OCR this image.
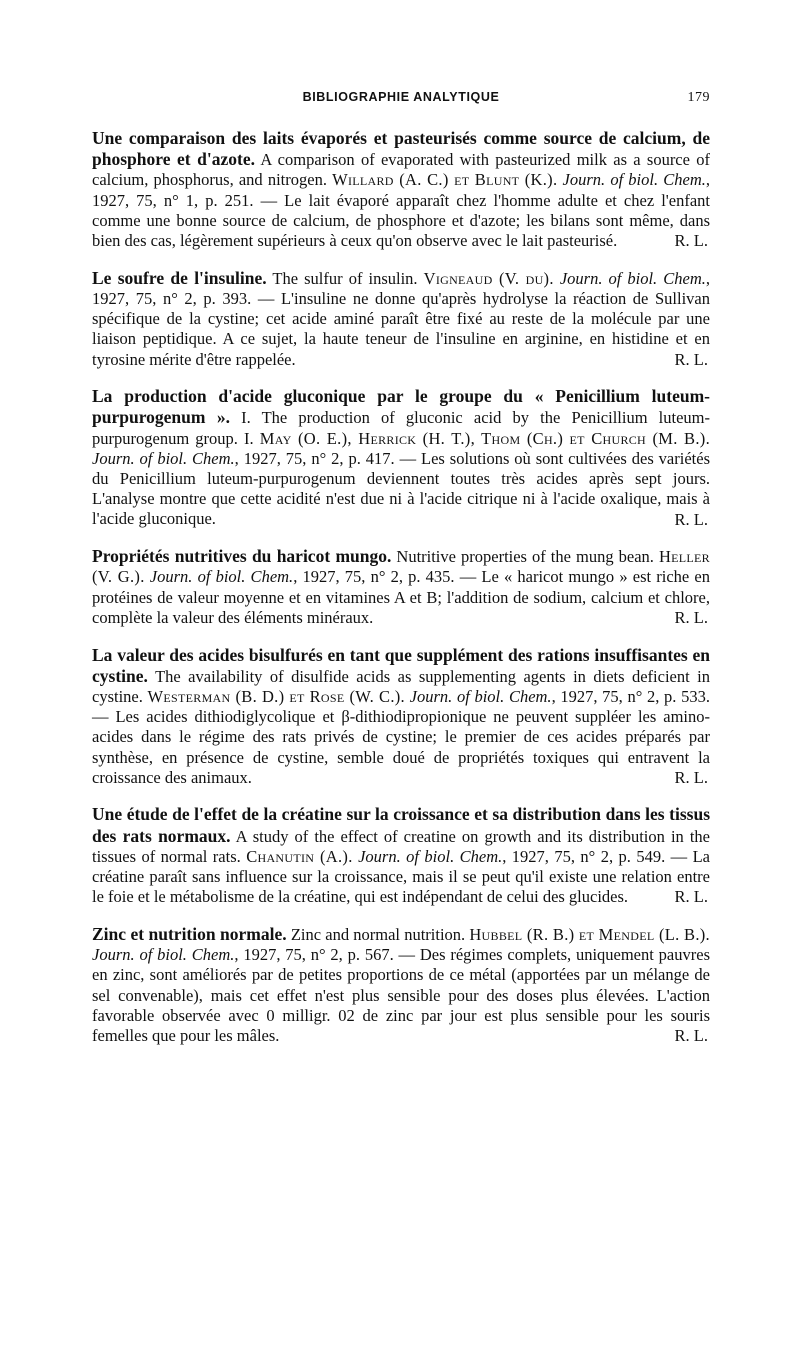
BIBLIOGRAPHIE ANALYTIQUE	179

Une comparaison des laits évaporés et pasteurisés comme source de calcium, de phosphore et d'azote. A comparison of evaporated with pasteurized milk as a source of calcium, phosphorus, and nitrogen. Willard (A. C.) et Blunt (K.). Journ. of biol. Chem., 1927, 75, n° 1, p. 251. — Le lait évaporé apparaît chez l'homme adulte et chez l'enfant comme une bonne source de calcium, de phosphore et d'azote; les bilans sont même, dans bien des cas, légèrement supérieurs à ceux qu'on observe avec le lait pasteurisé.	R. L.

Le soufre de l'insuline. The sulfur of insulin. Vigneaud (V. du). Journ. of biol. Chem., 1927, 75, n° 2, p. 393. — L'insuline ne donne qu'après hydrolyse la réaction de Sullivan spécifique de la cystine; cet acide aminé paraît être fixé au reste de la molécule par une liaison peptidique. A ce sujet, la haute teneur de l'insuline en arginine, en histidine et en tyrosine mérite d'être rappelée.	R. L.

La production d'acide gluconique par le groupe du « Penicillium luteum-purpurogenum ». I. The production of gluconic acid by the Penicillium luteum-purpurogenum group. I. May (O. E.), Herrick (H. T.), Thom (Ch.) et Church (M. B.). Journ. of biol. Chem., 1927, 75, n° 2, p. 417. — Les solutions où sont cultivées des variétés du Penicillium luteum-purpurogenum deviennent toutes très acides après sept jours. L'analyse montre que cette acidité n'est due ni à l'acide citrique ni à l'acide oxalique, mais à l'acide gluconique.	R. L.

Propriétés nutritives du haricot mungo. Nutritive properties of the mung bean. Heller (V. G.). Journ. of biol. Chem., 1927, 75, n° 2, p. 435. — Le « haricot mungo » est riche en protéines de valeur moyenne et en vitamines A et B; l'addition de sodium, calcium et chlore, complète la valeur des éléments minéraux.	R. L.

La valeur des acides bisulfurés en tant que supplément des rations insuffisantes en cystine. The availability of disulfide acids as supplementing agents in diets deficient in cystine. Westerman (B. D.) et Rose (W. C.). Journ. of biol. Chem., 1927, 75, n° 2, p. 533. — Les acides dithiodiglycolique et β-dithiodipropionique ne peuvent suppléer les amino-acides dans le régime des rats privés de cystine; le premier de ces acides préparés par synthèse, en présence de cystine, semble doué de propriétés toxiques qui entravent la croissance des animaux.	R. L.

Une étude de l'effet de la créatine sur la croissance et sa distribution dans les tissus des rats normaux. A study of the effect of creatine on growth and its distribution in the tissues of normal rats. Chanutin (A.). Journ. of biol. Chem., 1927, 75, n° 2, p. 549. — La créatine paraît sans influence sur la croissance, mais il se peut qu'il existe une relation entre le foie et le métabolisme de la créatine, qui est indépendant de celui des glucides.	R. L.

Zinc et nutrition normale. Zinc and normal nutrition. Hubbel (R. B.) et Mendel (L. B.). Journ. of biol. Chem., 1927, 75, n° 2, p. 567. — Des régimes complets, uniquement pauvres en zinc, sont améliorés par de petites proportions de ce métal (apportées par un mélange de sel convenable), mais cet effet n'est plus sensible pour des doses plus élevées. L'action favorable observée avec 0 milligr. 02 de zinc par jour est plus sensible pour les souris femelles que pour les mâles.	R. L.
